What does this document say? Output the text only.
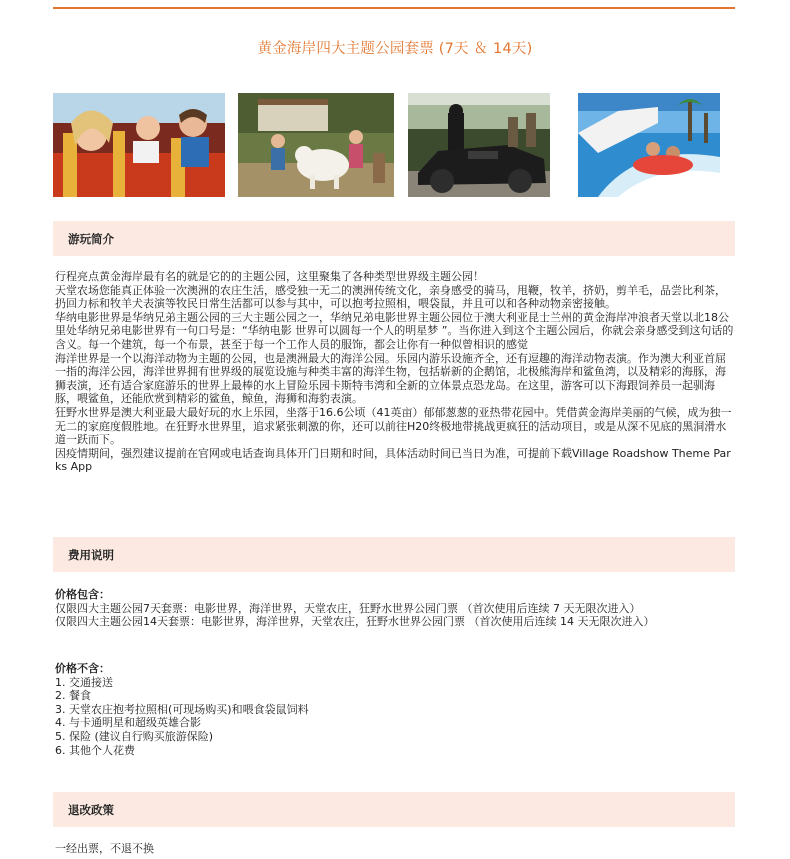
黄金海岸四大主题公园套票 (7天 ＆ 14天)
游玩简介

行程亮点黄金海岸最有名的就是它的的主题公园，这里聚集了各种类型世界级主题公园！

天堂农场您能真正体验一次澳洲的农庄生活，感受独一无二的澳洲传统文化，亲身感受的骑马，甩鞭，牧羊，挤奶，剪羊毛，品尝比利茶，扔回力标和牧羊犬表演等牧民日常生活都可以参与其中，可以抱考拉照相，喂袋鼠，并且可以和各种动物亲密接触。

华纳电影世界是华纳兄弟主题公园的三大主题公园之一，华纳兄弟电影世界主题公园位于澳大利亚昆士兰州的黄金海岸冲浪者天堂以北18公里处华纳兄弟电影世界有一句口号是：“华纳电影 世界可以圆每一个人的明星梦 ”。当你进入到这个主题公园后，你就会亲身感受到这句话的含义。每一个建筑，每一个布景，甚至于每一个工作人员的服饰，都会让你有一种似曾相识的感觉

海洋世界是一个以海洋动物为主题的公园，也是澳洲最大的海洋公园。乐园内游乐设施齐全，还有逗趣的海洋动物表演。作为澳大利亚首屈一指的海洋公园，海洋世界拥有世界级的展览设施与种类丰富的海洋生物，包括崭新的企鹅馆，北极熊海岸和鲨鱼湾，以及精彩的海豚，海狮表演，还有适合家庭游乐的世界上最棒的水上冒险乐园卡斯特韦湾和全新的立体景点恐龙岛。在这里，游客可以下海跟饲养员一起驯海豚，喂鲨鱼，还能欣赏到精彩的鲨鱼，鲸鱼，海狮和海豹表演。

狂野水世界是澳大利亚最大最好玩的水上乐园，坐落于16.6公顷（41英亩）郁郁葱葱的亚热带花园中。凭借黄金海岸美丽的气候，成为独一无二的家庭度假胜地。在狂野水世界里，追求紧张刺激的你，还可以前往H20终极地带挑战更疯狂的活动项目，或是从深不见底的黑洞滑水道一跃而下。

因疫情期间，强烈建议提前在官网或电话查询具体开门日期和时间，具体活动时间已当日为准，可提前下载Village Roadshow Theme Parks App

费用说明

价格包含：

仅限四大主题公园7天套票：电影世界，海洋世界，天堂农庄，狂野水世界公园门票 （首次使用后连续 7 天无限次进入）

仅限四大主题公园14天套票：电影世界，海洋世界，天堂农庄，狂野水世界公园门票 （首次使用后连续 14 天无限次进入）

价格不含：

1. 交通接送

2. 餐食

3. 天堂农庄抱考拉照相(可现场购买)和喂食袋鼠饲料

4. 与卡通明星和超级英雄合影

5. 保险 (建议自行购买旅游保险)

6. 其他个人花费

退改政策

一经出票，不退不换
